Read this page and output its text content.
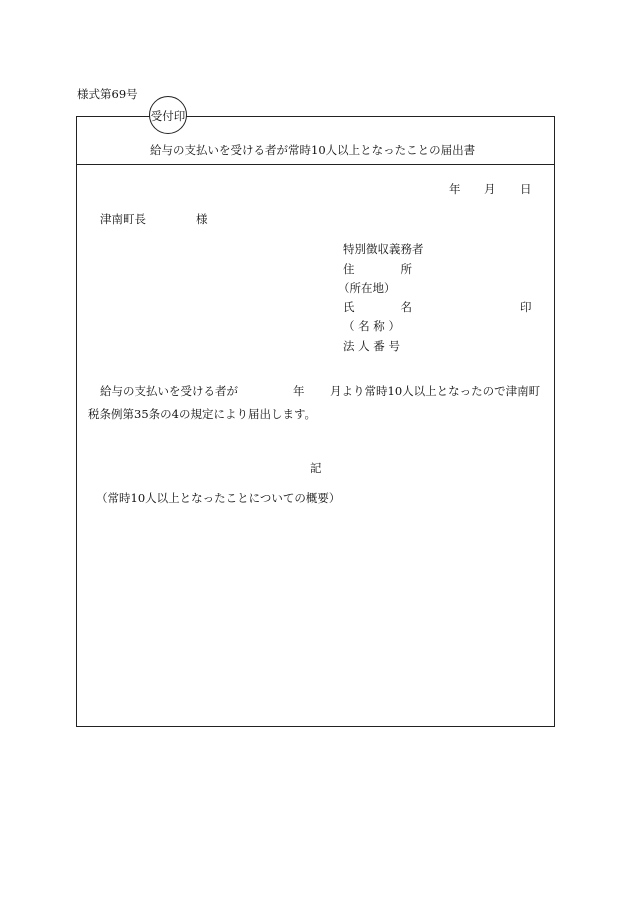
様式第69号
受付印
給与の支払いを受ける者が常時10人以上となったことの届出書
年 月 日
津南町長	様
特別徴収義務者
住　　　　所
（所在地）
氏　　　　名	印
（ 名 称 ）
法 人 番 号
給与の支払いを受ける者が	年 月より常時10人以上となったので津南町
税条例第35条の4の規定により届出します。
記
（常時10人以上となったことについての概要）
